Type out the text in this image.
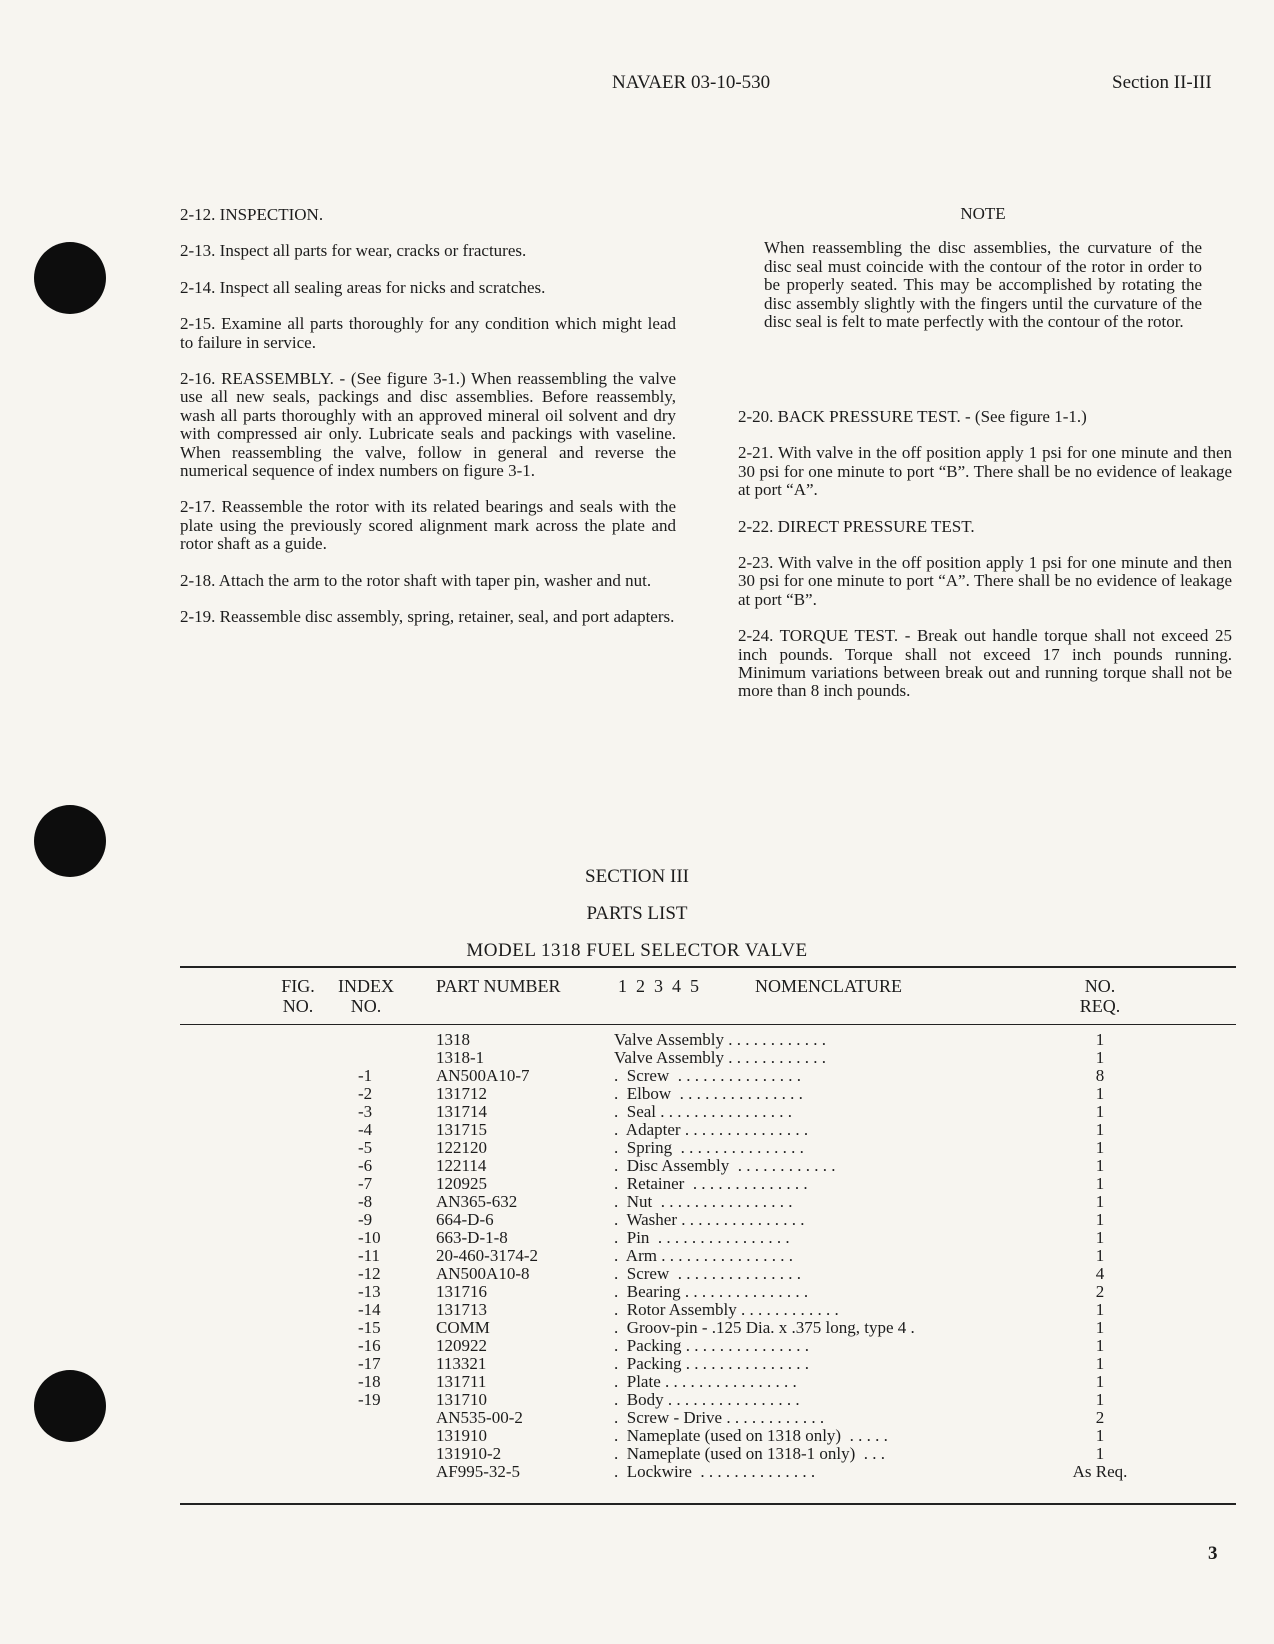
NAVAER 03-10-530	Section II-III

2-12. INSPECTION.

2-13. Inspect all parts for wear, cracks or fractures.

2-14. Inspect all sealing areas for nicks and scratches.

2-15. Examine all parts thoroughly for any condition which might lead to failure in service.

2-16. REASSEMBLY. - (See figure 3-1.) When reassembling the valve use all new seals, packings and disc assemblies. Before reassembly, wash all parts thoroughly with an approved mineral oil solvent and dry with compressed air only. Lubricate seals and packings with vaseline. When reassembling the valve, follow in general and reverse the numerical sequence of index numbers on figure 3-1.

2-17. Reassemble the rotor with its related bearings and seals with the plate using the previously scored alignment mark across the plate and rotor shaft as a guide.

2-18. Attach the arm to the rotor shaft with taper pin, washer and nut.

2-19. Reassemble disc assembly, spring, retainer, seal, and port adapters.

NOTE

When reassembling the disc assemblies, the curvature of the disc seal must coincide with the contour of the rotor in order to be properly seated. This may be accomplished by rotating the disc assembly slightly with the fingers until the curvature of the disc seal is felt to mate perfectly with the contour of the rotor.

2-20. BACK PRESSURE TEST. - (See figure 1-1.)

2-21. With valve in the off position apply 1 psi for one minute and then 30 psi for one minute to port “B”. There shall be no evidence of leakage at port “A”.

2-22. DIRECT PRESSURE TEST.

2-23. With valve in the off position apply 1 psi for one minute and then 30 psi for one minute to port “A”. There shall be no evidence of leakage at port “B”.

2-24. TORQUE TEST. - Break out handle torque shall not exceed 25 inch pounds. Torque shall not exceed 17 inch pounds running. Minimum variations between break out and running torque shall not be more than 8 inch pounds.

SECTION III
PARTS LIST
MODEL 1318 FUEL SELECTOR VALVE
FIG.
NO.
INDEX
NO.
PART NUMBER	1  2  3  4  5	NOMENCLATURE	NO.
REQ.
1318	Valve Assembly . . . . . . . . . . . .	1
1318-1	Valve Assembly . . . . . . . . . . . .	1
-1	AN500A10-7	.  Screw  . . . . . . . . . . . . . . .	8
-2	131712	.  Elbow  . . . . . . . . . . . . . . .	1
-3	131714	.  Seal . . . . . . . . . . . . . . . .	1
-4	131715	.  Adapter . . . . . . . . . . . . . . .	1
-5	122120	.  Spring  . . . . . . . . . . . . . . .	1
-6	122114	.  Disc Assembly  . . . . . . . . . . . .	1
-7	120925	.  Retainer  . . . . . . . . . . . . . .	1
-8	AN365-632	.  Nut  . . . . . . . . . . . . . . . .	1
-9	664-D-6	.  Washer . . . . . . . . . . . . . . .	1
-10	663-D-1-8	.  Pin  . . . . . . . . . . . . . . . .	1
-11	20-460-3174-2	.  Arm . . . . . . . . . . . . . . . .	1
-12	AN500A10-8	.  Screw  . . . . . . . . . . . . . . .	4
-13	131716	.  Bearing . . . . . . . . . . . . . . .	2
-14	131713	.  Rotor Assembly . . . . . . . . . . . .	1
-15	COMM	.  Groov-pin - .125 Dia. x .375 long, type 4 .	1
-16	120922	.  Packing . . . . . . . . . . . . . . .	1
-17	113321	.  Packing . . . . . . . . . . . . . . .	1
-18	131711	.  Plate . . . . . . . . . . . . . . . .	1
-19	131710	.  Body . . . . . . . . . . . . . . . .	1
AN535-00-2	.  Screw - Drive . . . . . . . . . . . .	2
131910	.  Nameplate (used on 1318 only)  . . . . .	1
131910-2	.  Nameplate (used on 1318-1 only)  . . .	1
AF995-32-5	.  Lockwire  . . . . . . . . . . . . . .	As Req.
3
